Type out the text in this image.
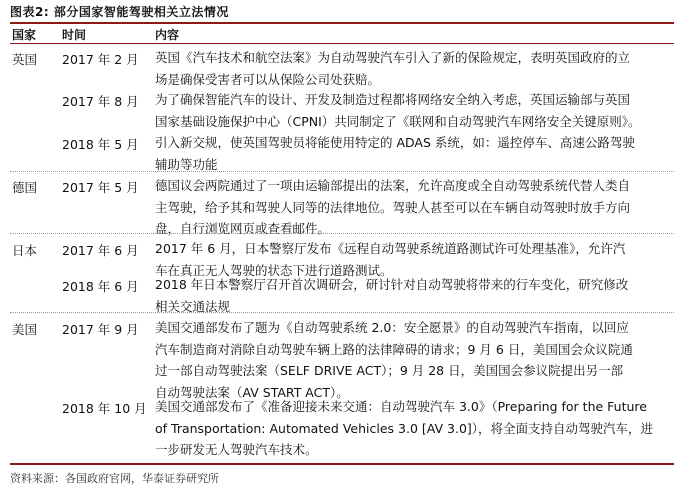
图表2: 部分国家智能驾驶相关立法情况
国家 时间	内容
英国 2017 年 2 月 英国《汽车技术和航空法案》为自动驾驶汽车引入了新的保险规定，表明英国政府的立
场是确保受害者可以从保险公司处获赔。
2017 年 8 月 为了确保智能汽车的设计、开发及制造过程都将网络安全纳入考虑，英国运输部与英国
国家基础设施保护中心（CPNI）共同制定了《联网和自动驾驶汽车网络安全关键原则》。
2018 年 5 月 引入新交规，使英国驾驶员将能使用特定的 ADAS 系统，如：遥控停车、高速公路驾驶
辅助等功能
德国 2017 年 5 月 德国议会两院通过了一项由运输部提出的法案，允许高度或全自动驾驶系统代替人类自
主驾驶，给予其和驾驶人同等的法律地位。驾驶人甚至可以在车辆自动驾驶时放手方向
盘，自行浏览网页或查看邮件。
日本 2017 年 6 月 2017 年 6 月，日本警察厅发布《远程自动驾驶系统道路测试许可处理基准》，允许汽
车在真正无人驾驶的状态下进行道路测试。
2018 年 6 月 2018 年日本警察厅召开首次调研会，研讨针对自动驾驶将带来的行车变化，研究修改
相关交通法规
美国 2017 年 9 月 美国交通部发布了题为《自动驾驶系统 2.0：安全愿景》的自动驾驶汽车指南，以回应
汽车制造商对消除自动驾驶车辆上路的法律障碍的请求；9 月 6 日，美国国会众议院通
过一部自动驾驶法案（SELF DRIVE ACT）；9 月 28 日，美国国会参议院提出另一部
自动驾驶法案（AV START ACT）。
2018 年 10 月 美国交通部发布了《准备迎接未来交通：自动驾驶汽车 3.0》（Preparing for the Future
of Transportation: Automated Vehicles 3.0 [AV 3.0]），将全面支持自动驾驶汽车，进
一步研发无人驾驶汽车技术。
资料来源：各国政府官网，华泰证券研究所
